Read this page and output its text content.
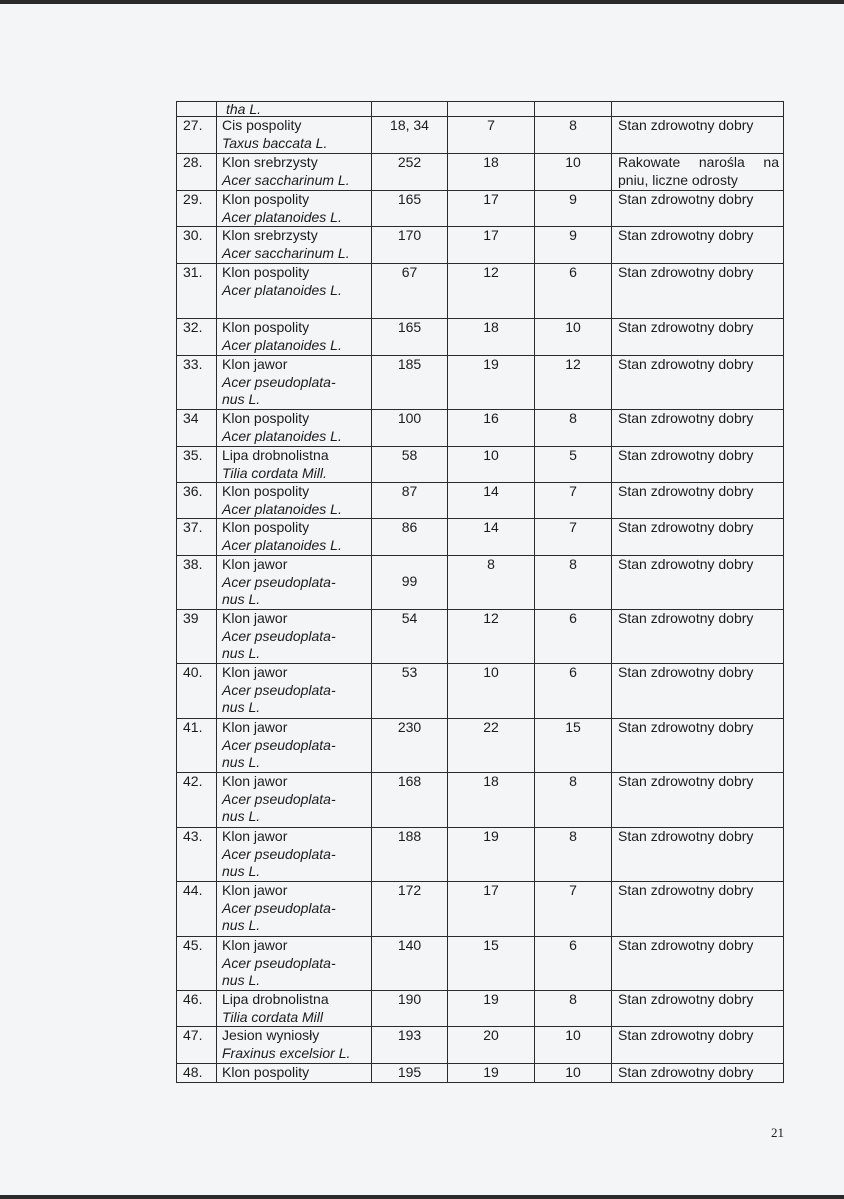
	tha L.				

27.	Cis pospolity
Taxus baccata L.	18, 34	7	8	Stan zdrowotny dobry
28.	Klon srebrzysty
Acer saccharinum L.	252	18	10	Rakowate narośla na pniu, liczne odrosty
29.	Klon pospolity
Acer platanoides L.	165	17	9	Stan zdrowotny dobry
30.	Klon srebrzysty
Acer saccharinum L.	170	17	9	Stan zdrowotny dobry
31.	Klon pospolity
Acer platanoides L.	67	12	6	Stan zdrowotny dobry
32.	Klon pospolity
Acer platanoides L.	165	18	10	Stan zdrowotny dobry
33.	Klon jawor
Acer pseudoplata-nus L.	185	19	12	Stan zdrowotny dobry
34	Klon pospolity
Acer platanoides L.	100	16	8	Stan zdrowotny dobry
35.	Lipa drobnolistna
Tilia cordata Mill.	58	10	5	Stan zdrowotny dobry
36.	Klon pospolity
Acer platanoides L.	87	14	7	Stan zdrowotny dobry
37.	Klon pospolity
Acer platanoides L.	86	14	7	Stan zdrowotny dobry
38.	Klon jawor
Acer pseudoplata-nus L.	99	8	8	Stan zdrowotny dobry
39	Klon jawor
Acer pseudoplata-nus L.	54	12	6	Stan zdrowotny dobry
40.	Klon jawor
Acer pseudoplata-nus L.	53	10	6	Stan zdrowotny dobry
41.	Klon jawor
Acer pseudoplata-nus L.	230	22	15	Stan zdrowotny dobry
42.	Klon jawor
Acer pseudoplata-nus L.	168	18	8	Stan zdrowotny dobry
43.	Klon jawor
Acer pseudoplata-nus L.	188	19	8	Stan zdrowotny dobry
44.	Klon jawor
Acer pseudoplata-nus L.	172	17	7	Stan zdrowotny dobry
45.	Klon jawor
Acer pseudoplata-nus L.	140	15	6	Stan zdrowotny dobry
46.	Lipa drobnolistna
Tilia cordata Mill	190	19	8	Stan zdrowotny dobry
47.	Jesion wyniosły
Fraxinus excelsior L.	193	20	10	Stan zdrowotny dobry
48.	Klon pospolity	195	19	10	Stan zdrowotny dobry
21
